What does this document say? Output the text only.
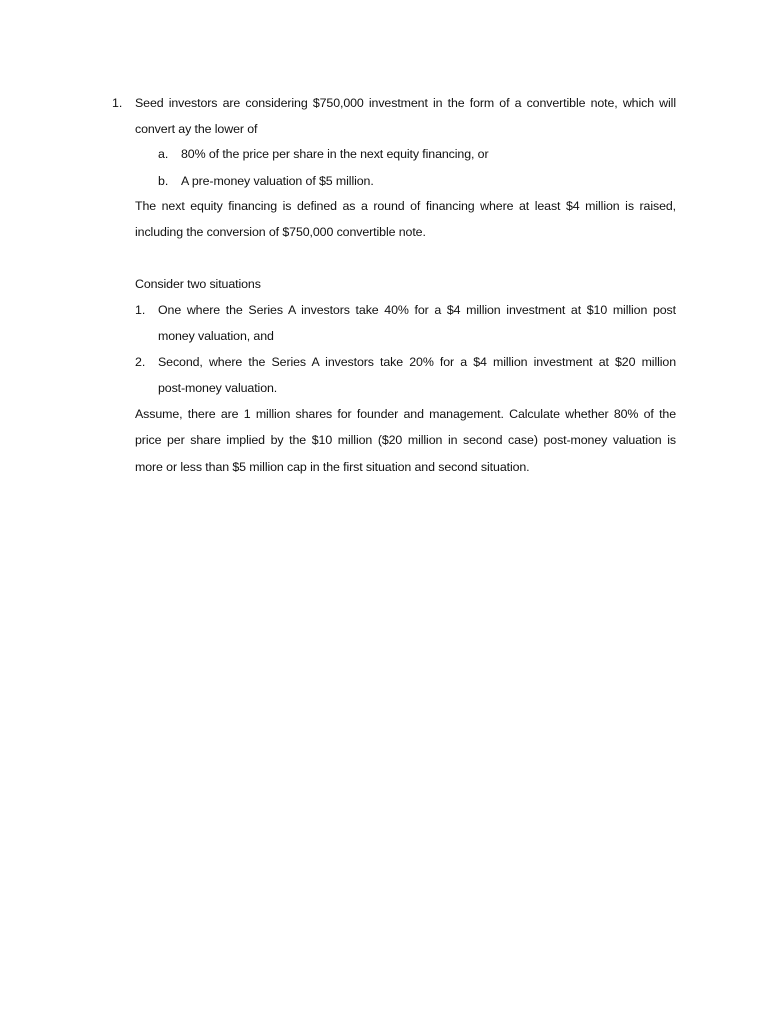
1. Seed investors are considering $750,000 investment in the form of a convertible note, which will
convert ay the lower of
a. 80% of the price per share in the next equity financing, or
b. A pre-money valuation of $5 million.
The next equity financing is defined as a round of financing where at least $4 million is raised,
including the conversion of $750,000 convertible note.
Consider two situations
1. One where the Series A investors take 40% for a $4 million investment at $10 million post
money valuation, and
2. Second, where the Series A investors take 20% for a $4 million investment at $20 million
post-money valuation.
Assume, there are 1 million shares for founder and management. Calculate whether 80% of the
price per share implied by the $10 million ($20 million in second case) post-money valuation is
more or less than $5 million cap in the first situation and second situation.
